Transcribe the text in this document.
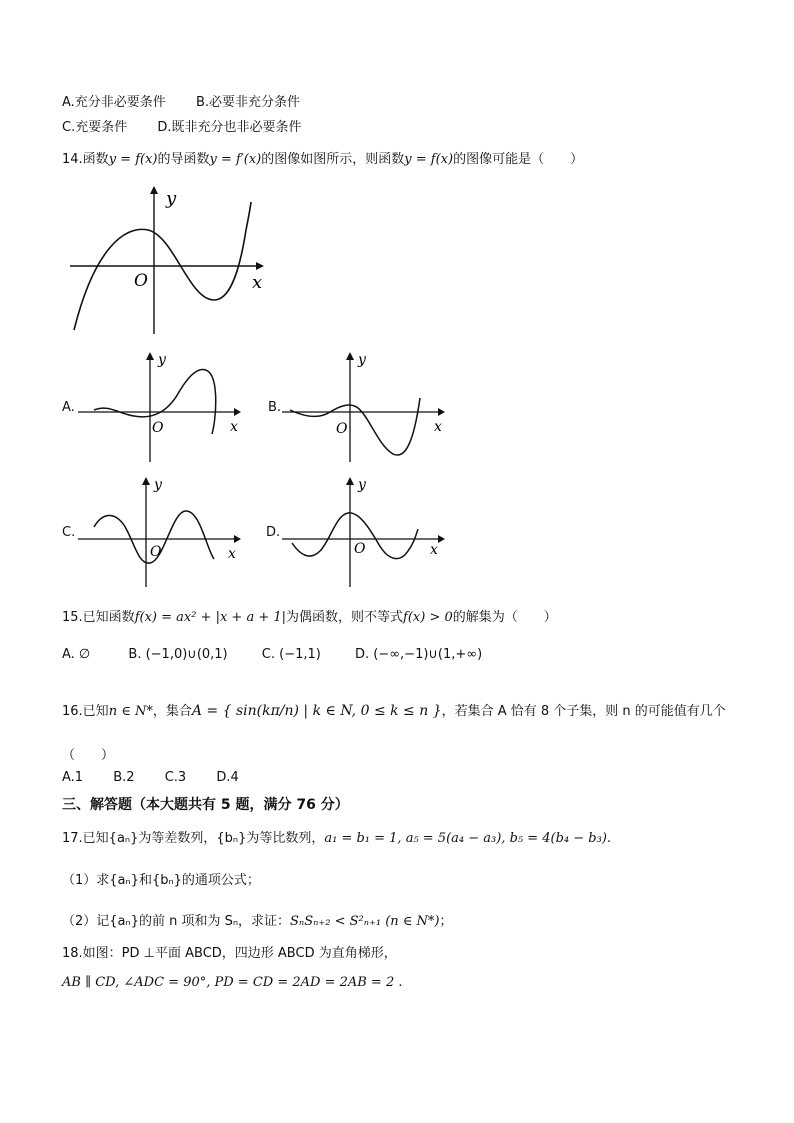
A.充分非必要条件 B.必要非充分条件
C.充要条件 D.既非充分也非必要条件
14.函数y = f(x)的导函数y = f′(x)的图像如图所示，则函数y = f(x)的图像可能是（　　）
y
x
O
A.
y
x
O
B.
y
x
O
C.
y
x
O
D.
y
x
O
15.已知函数f(x) = ax² + |x + a + 1|为偶函数，则不等式f(x) > 0的解集为（　　）
A. ∅	B. (−1,0)∪(0,1)	C. (−1,1)	D. (−∞,−1)∪(1,+∞)
16.已知n ∈ N*，集合A = { sin(kπ/n) | k ∈ N, 0 ≤ k ≤ n }，若集合 A 恰有 8 个子集，则 n 的可能值有几个
（　　）
A.1 B.2 C.3 D.4
三、解答题（本大题共有 5 题，满分 76 分）
17.已知{aₙ}为等差数列，{bₙ}为等比数列，a₁ = b₁ = 1, a₅ = 5(a₄ − a₃), b₅ = 4(b₄ − b₃).
（1）求{aₙ}和{bₙ}的通项公式；
（2）记{aₙ}的前 n 项和为 Sₙ，求证：SₙSₙ₊₂ < S²ₙ₊₁ (n ∈ N*)；
18.如图：PD ⊥平面 ABCD，四边形 ABCD 为直角梯形，
AB ∥ CD, ∠ADC = 90°, PD = CD = 2AD = 2AB = 2 .
